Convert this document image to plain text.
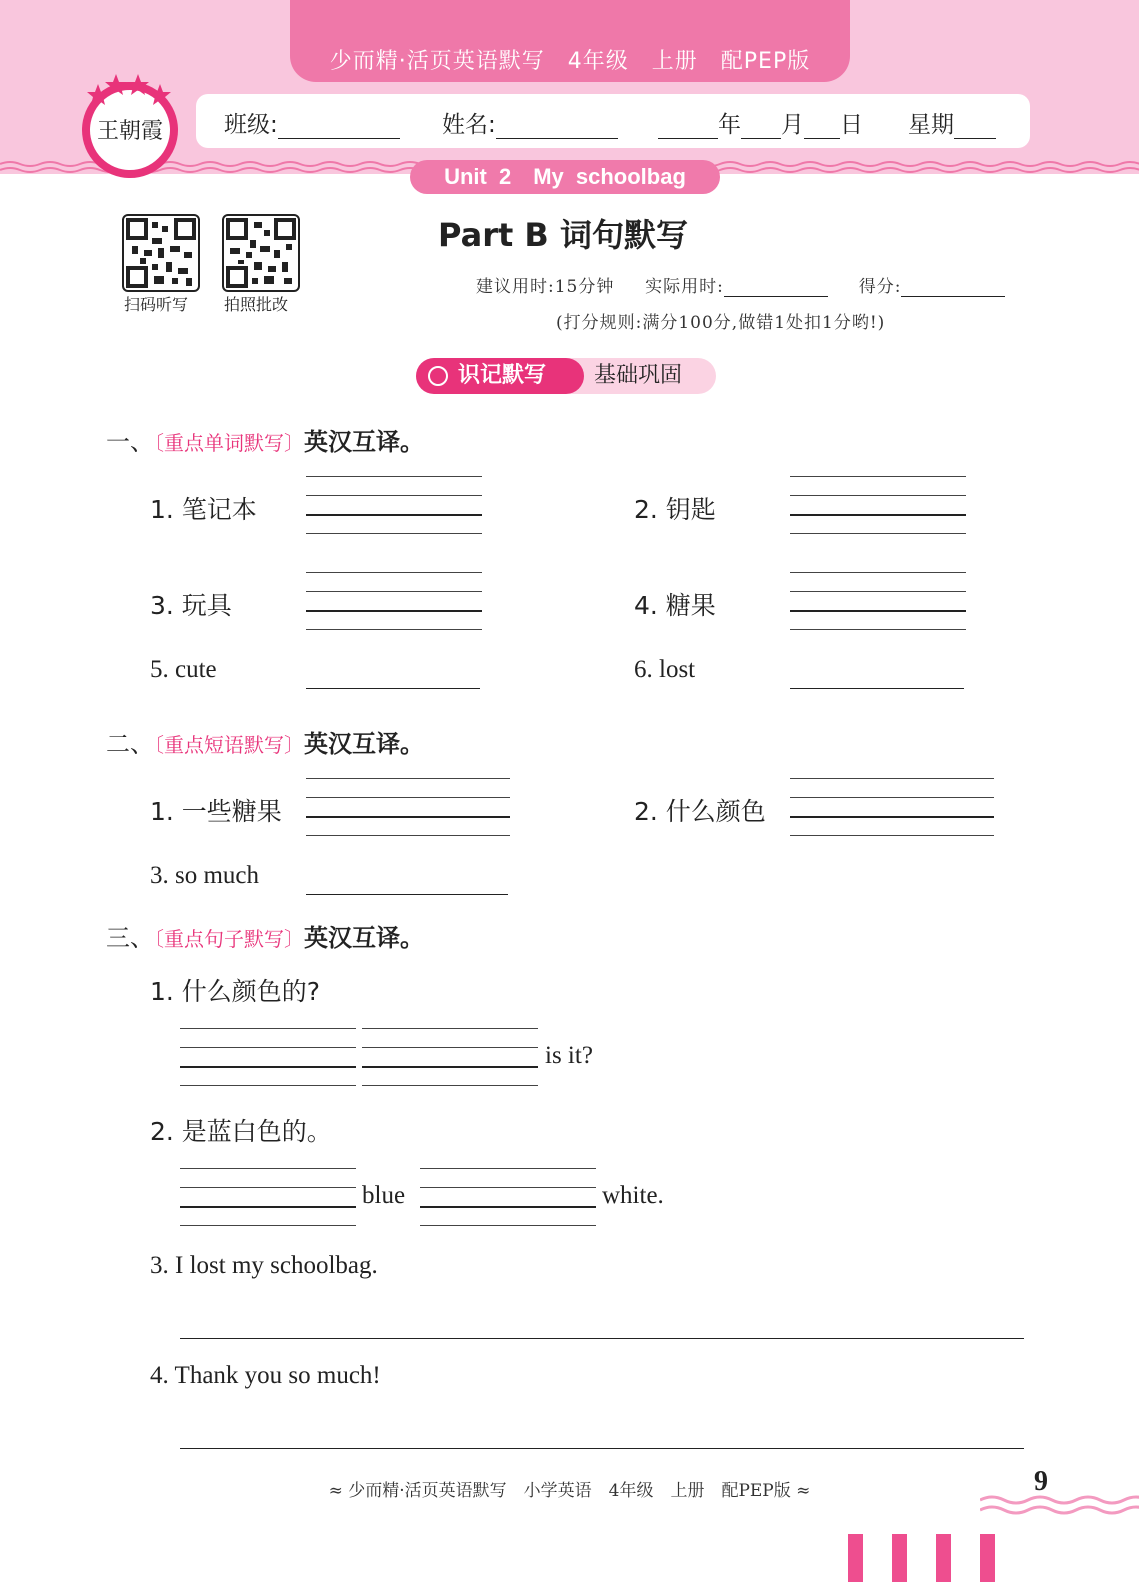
少而精·活页英语默写　4年级　上册　配PEP版
班级:	姓名:	年 月 日 星期
Unit 2　My schoolbag
王朝霞
扫码听写 拍照批改
Part B 词句默写
建议用时:15分钟 实际用时:	得分:
(打分规则:满分100分,做错1处扣1分哟!)
识记默写	基础巩固
一、〔重点单词默写〕英汉互译。
1. 笔记本	2. 钥匙
3. 玩具	4. 糖果
5. cute	6. lost
二、〔重点短语默写〕英汉互译。
1. 一些糖果	2. 什么颜色
3. so much
三、〔重点句子默写〕英汉互译。
1. 什么颜色的?
is it?
2. 是蓝白色的。
blue	white.
3. I lost my schoolbag.
4. Thank you so much!
≈ 少而精·活页英语默写　小学英语　4年级　上册　配PEP版 ≈	9
